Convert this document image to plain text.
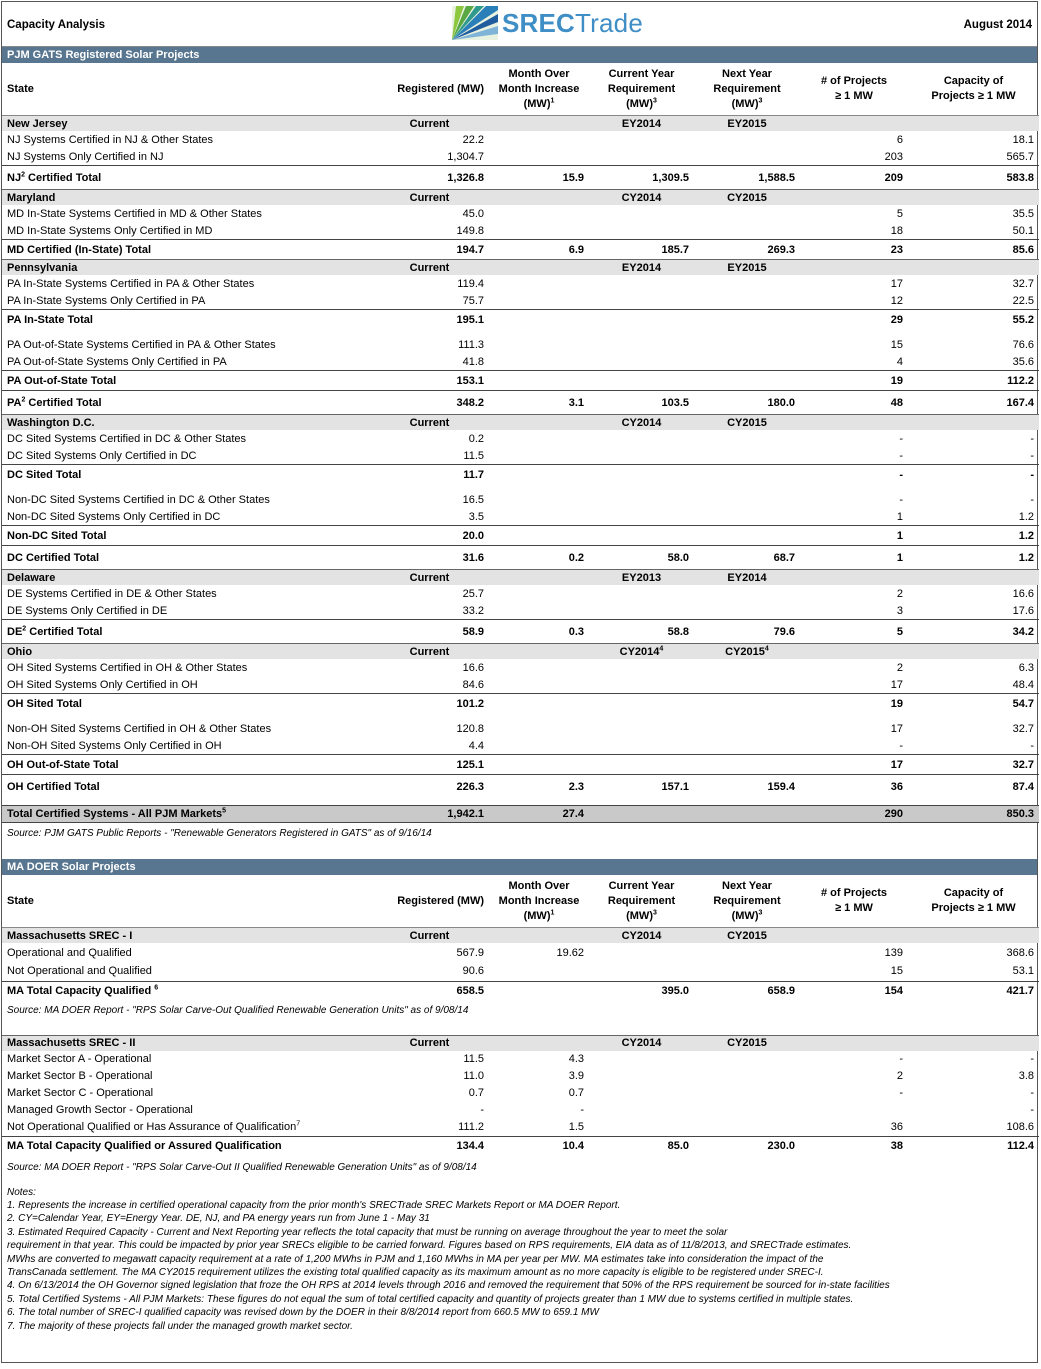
Capacity Analysis	SRECTrade	August 2014
PJM GATS Registered Solar Projects
State	Registered (MW)	Month Over
Month Increase
(MW)$^1$	Current Year
Requirement
(MW)$^3$	Next Year
Requirement
(MW)$^3$	# of Projects
≥ 1 MW	Capacity of
Projects ≥ 1 MW
New Jersey	Current		EY2014	EY2015		
NJ Systems Certified in NJ & Other States	22.2				6	18.1
NJ Systems Only Certified in NJ	1,304.7				203	565.7
$NJ^2$ Certified Total	1,326.8	15.9	1,309.5	1,588.5	209	583.8
Maryland	Current		CY2014	CY2015		
MD In-State Systems Certified in MD & Other States	45.0				5	35.5
MD In-State Systems Only Certified in MD	149.8				18	50.1
MD Certified (In-State) Total	194.7	6.9	185.7	269.3	23	85.6
Pennsylvania	Current		EY2014	EY2015		
PA In-State Systems Certified in PA & Other States	119.4				17	32.7
PA In-State Systems Only Certified in PA	75.7				12	22.5
PA In-State Total	195.1				29	55.2

PA Out-of-State Systems Certified in PA & Other States	111.3				15	76.6
PA Out-of-State Systems Only Certified in PA	41.8				4	35.6
PA Out-of-State Total	153.1				19	112.2
$PA^2$ Certified Total	348.2	3.1	103.5	180.0	48	167.4
Washington D.C.	Current		CY2014	CY2015		
DC Sited Systems Certified in DC & Other States	0.2				-	-
DC Sited Systems Only Certified in DC	11.5				-	-
DC Sited Total	11.7				-	-

Non-DC Sited Systems Certified in DC & Other States	16.5				-	-
Non-DC Sited Systems Only Certified in DC	3.5				1	1.2
Non-DC Sited Total	20.0				1	1.2
DC Certified Total	31.6	0.2	58.0	68.7	1	1.2
Delaware	Current		EY2013	EY2014		
DE Systems Certified in DE & Other States	25.7				2	16.6
DE Systems Only Certified in DE	33.2				3	17.6
$DE^2$ Certified Total	58.9	0.3	58.8	79.6	5	34.2
Ohio	Current		CY2014$^4$	CY2015$^4$		
OH Sited Systems Certified in OH & Other States	16.6				2	6.3
OH Sited Systems Only Certified in OH	84.6				17	48.4
OH Sited Total	101.2				19	54.7

Non-OH Sited Systems Certified in OH & Other States	120.8				17	32.7
Non-OH Sited Systems Only Certified in OH	4.4				-	-
OH Out-of-State Total	125.1				17	32.7
OH Certified Total	226.3	2.3	157.1	159.4	36	87.4

Total Certified Systems - All PJM Markets$^5$	1,942.1	27.4			290	850.3
Source: PJM GATS Public Reports - "Renewable Generators Registered in GATS" as of 9/16/14
MA DOER Solar Projects
State	Registered (MW)	Month Over
Month Increase
(MW)$^1$	Current Year
Requirement
(MW)$^3$	Next Year
Requirement
(MW)$^3$	# of Projects
≥ 1 MW	Capacity of
Projects ≥ 1 MW
Massachusetts SREC - I	Current		CY2014	CY2015		
Operational and Qualified	567.9	19.62			139	368.6
Not Operational and Qualified	90.6				15	53.1
MA Total Capacity Qualified $^6$	658.5		395.0	658.9	154	421.7
Source: MA DOER Report - "RPS Solar Carve-Out Qualified Renewable Generation Units" as of 9/08/14
Massachusetts SREC - II	Current		CY2014	CY2015		
Market Sector A - Operational	11.5	4.3			-	-
Market Sector B - Operational	11.0	3.9			2	3.8
Market Sector C - Operational	0.7	0.7			-	-
Managed Growth Sector - Operational	-	-				-
Not Operational Qualified or Has Assurance of Qualification$^7$	111.2	1.5			36	108.6
MA Total Capacity Qualified or Assured Qualification	134.4	10.4	85.0	230.0	38	112.4
Source: MA DOER Report - "RPS Solar Carve-Out II Qualified Renewable Generation Units" as of 9/08/14
Notes:
1. Represents the increase in certified operational capacity from the prior month's SRECTrade SREC Markets Report or MA DOER Report.
2. CY=Calendar Year, EY=Energy Year. DE, NJ, and PA energy years run from June 1 - May 31
3. Estimated Required Capacity - Current and Next Reporting year reflects the total capacity that must be running on average throughout the year to meet the solar
requirement in that year. This could be impacted by prior year SRECs eligible to be carried forward. Figures based on RPS requirements, EIA data as of 11/8/2013, and SRECTrade estimates.
MWhs are converted to megawatt capacity requirement at a rate of 1,200 MWhs in PJM and 1,160 MWhs in MA per year per MW. MA estimates take into consideration the impact of the
TransCanada settlement. The MA CY2015 requirement utilizes the existing total qualified capacity as its maximum amount as no more capacity is eligible to be registered under SREC-I.
4. On 6/13/2014 the OH Governor signed legislation that froze the OH RPS at 2014 levels through 2016 and removed the requirement that 50% of the RPS requirement be sourced for in-state facilities
5. Total Certified Systems - All PJM Markets: These figures do not equal the sum of total certified capacity and quantity of projects greater than 1 MW due to systems certified in multiple states.
6. The total number of SREC-I qualified capacity was revised down by the DOER in their 8/8/2014 report from 660.5 MW to 659.1 MW
7. The majority of these projects fall under the managed growth market sector.
